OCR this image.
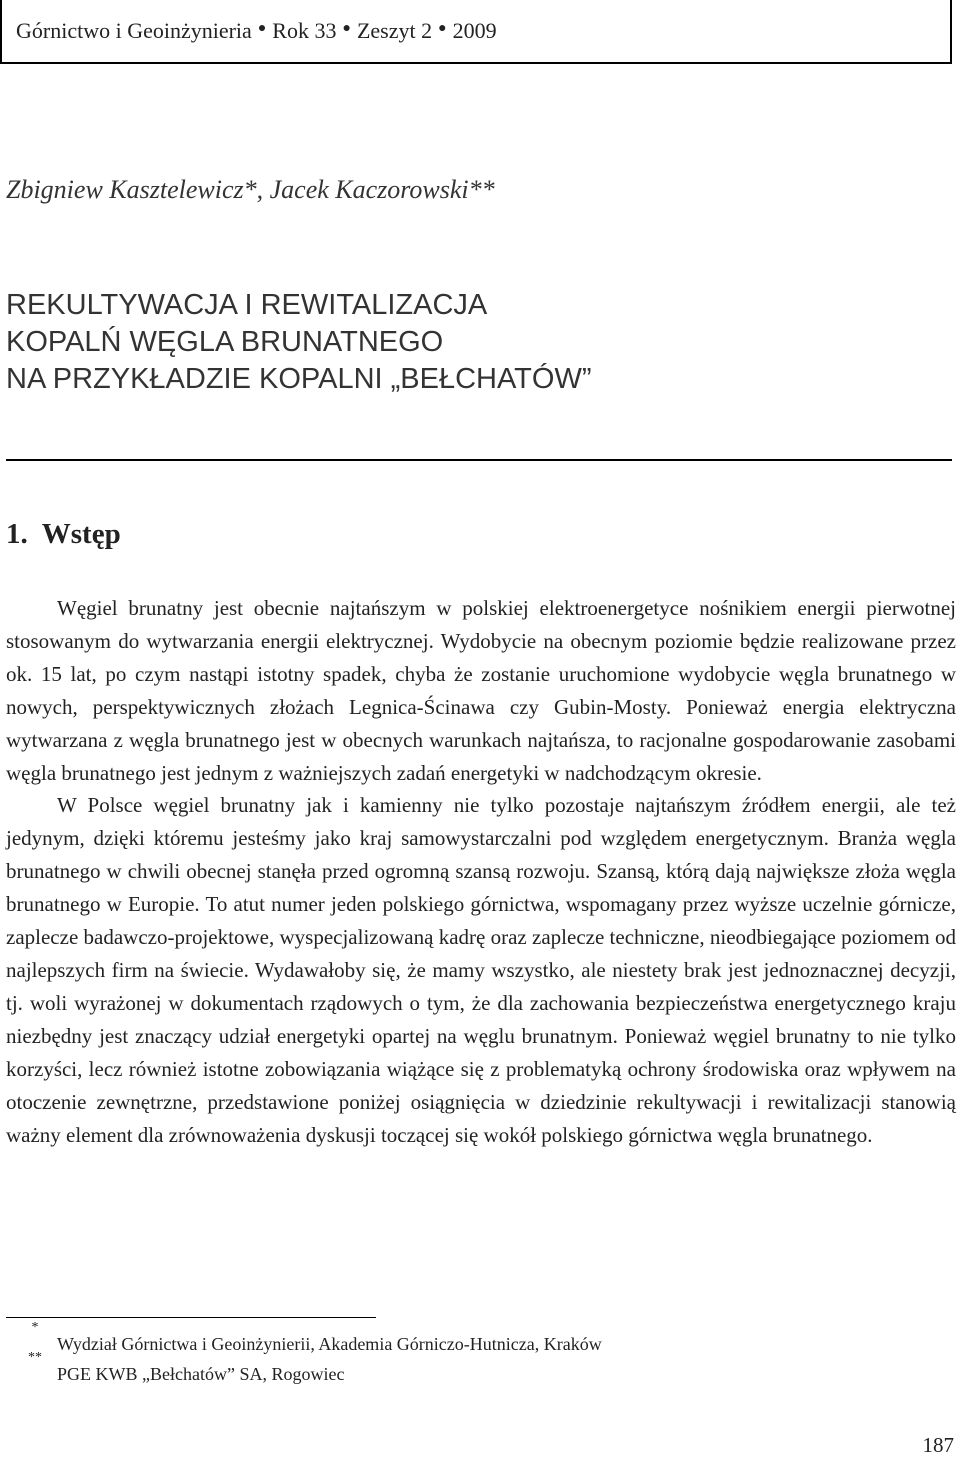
Górnictwo i Geoinżynieria ● Rok 33 ● Zeszyt 2 ● 2009
Zbigniew Kasztelewicz*, Jacek Kaczorowski**
REKULTYWACJA I REWITALIZACJA
KOPALŃ WĘGLA BRUNATNEGO
NA PRZYKŁADZIE KOPALNI „BEŁCHATÓW”
1. Wstęp

Węgiel brunatny jest obecnie najtańszym w polskiej elektroenergetyce nośnikiem energii pierwotnej stosowanym do wytwarzania energii elektrycznej. Wydobycie na obecnym poziomie będzie realizowane przez ok. 15 lat, po czym nastąpi istotny spadek, chyba że zostanie uruchomione wydobycie węgla brunatnego w nowych, perspektywicznych złożach Legnica-Ścinawa czy Gubin-Mosty. Ponieważ energia elektryczna wytwarzana z węgla brunatnego jest w obecnych warunkach najtańsza, to racjonalne gospodarowanie zasobami węgla brunatnego jest jednym z ważniejszych zadań energetyki w nadchodzącym okresie.

W Polsce węgiel brunatny jak i kamienny nie tylko pozostaje najtańszym źródłem energii, ale też jedynym, dzięki któremu jesteśmy jako kraj samowystarczalni pod względem energetycznym. Branża węgla brunatnego w chwili obecnej stanęła przed ogromną szansą rozwoju. Szansą, którą dają największe złoża węgla brunatnego w Europie. To atut numer jeden polskiego górnictwa, wspomagany przez wyższe uczelnie górnicze, zaplecze badawczo-projektowe, wyspecjalizowaną kadrę oraz zaplecze techniczne, nieodbiegające poziomem od najlepszych firm na świecie. Wydawałoby się, że mamy wszystko, ale niestety brak jest jednoznacznej decyzji, tj. woli wyrażonej w dokumentach rządowych o tym, że dla zachowania bezpieczeństwa energetycznego kraju niezbędny jest znaczący udział energetyki opartej na węglu brunatnym. Ponieważ węgiel brunatny to nie tylko korzyści, lecz również istotne zobowiązania wiążące się z problematyką ochrony środowiska oraz wpływem na otoczenie zewnętrzne, przedstawione poniżej osiągnięcia w dziedzinie rekultywacji i rewitalizacji stanowią ważny element dla zrównoważenia dyskusji toczącej się wokół polskiego górnictwa węgla brunatnego.

*
Wydział Górnictwa i Geoinżynierii, Akademia Górniczo-Hutnicza, Kraków
**
PGE KWB „Bełchatów” SA, Rogowiec
187
